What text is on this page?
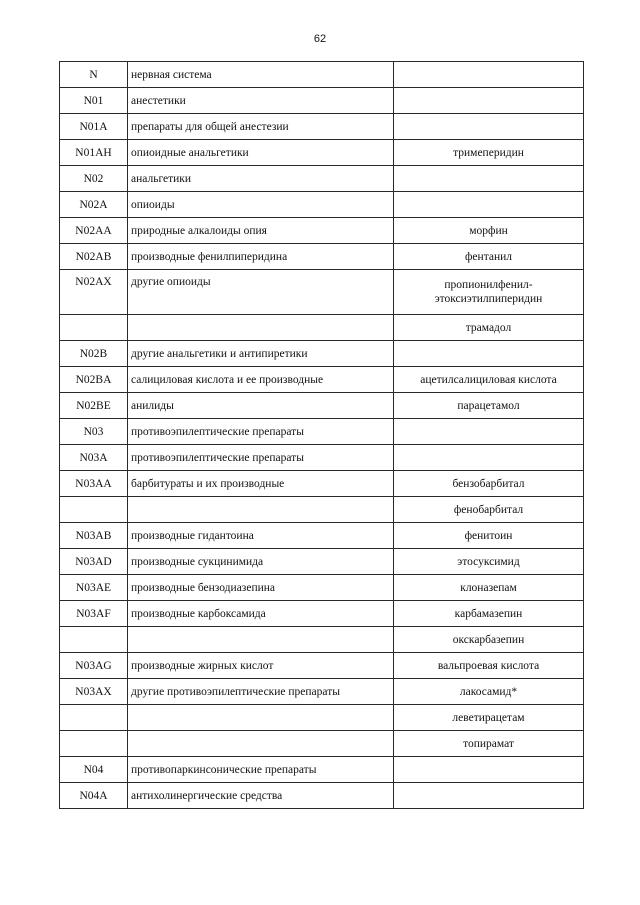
62
N	нервная система	
N01	анестетики	
N01A	препараты для общей анестезии	
N01AH	опиоидные анальгетики	тримеперидин
N02	анальгетики	
N02A	опиоиды	
N02AA	природные алкалоиды опия	морфин
N02AB	производные фенилпиперидина	фентанил
N02AX	другие опиоиды	пропионилфенил-
этоксиэтилпиперидин

		трамадол
N02B	другие анальгетики и антипиретики	
N02BA	салициловая кислота и ее производные	ацетилсалициловая кислота
N02BE	анилиды	парацетамол
N03	противоэпилептические препараты	
N03A	противоэпилептические препараты	
N03AA	барбитураты и их производные	бензобарбитал
		фенобарбитал
N03AB	производные гидантоина	фенитоин
N03AD	производные сукцинимида	этосуксимид
N03AE	производные бензодиазепина	клоназепам
N03AF	производные карбоксамида	карбамазепин
		окскарбазепин
N03AG	производные жирных кислот	вальпроевая кислота
N03AX	другие противоэпилептические препараты	лакосамид*
		леветирацетам
		топирамат
N04	противопаркинсонические препараты	
N04A	антихолинергические средства	
